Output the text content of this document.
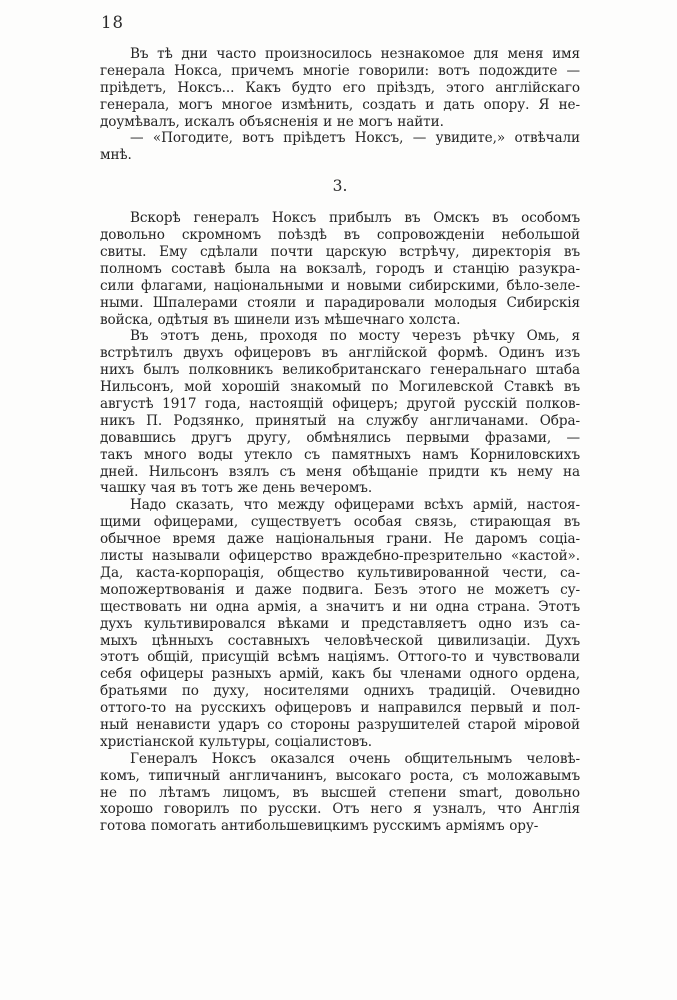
18

Въ тѣ дни часто произносилось незнакомое для меня имя
генерала Нокса, причемъ многіе говорили: вотъ подождите —
пріѣдетъ, Ноксъ... Какъ будто его пріѣздъ, этого англійскаго
генерала, могъ многое измѣнить, создать и дать опору. Я не-
доумѣвалъ, искалъ объясненія и не могъ найти.

— «Погодите, вотъ пріѣдетъ Ноксъ, — увидите,» отвѣчали
мнѣ.

3.

Вскорѣ генералъ Ноксъ прибылъ въ Омскъ въ особомъ
довольно скромномъ поѣздѣ въ сопровожденіи небольшой
свиты. Ему сдѣлали почти царскую встрѣчу, директорія въ
полномъ составѣ была на вокзалѣ, городъ и станцію разукра-
сили флагами, національными и новыми сибирскими, бѣло-зеле-
ными. Шпалерами стояли и парадировали молодыя Сибирскія
войска, одѣтыя въ шинели изъ мѣшечнаго холста.

Въ этотъ день, проходя по мосту черезъ рѣчку Омь, я
встрѣтилъ двухъ офицеровъ въ англійской формѣ. Одинъ изъ
нихъ былъ полковникъ великобританскаго генеральнаго штаба
Нильсонъ, мой хорошій знакомый по Могилевской Ставкѣ въ
августѣ 1917 года, настоящій офицеръ; другой русскій полков-
никъ П. Родзянко, принятый на службу англичанами. Обра-
довавшись другъ другу, обмѣнялись первыми фразами, —
такъ много воды утекло съ памятныхъ намъ Корниловскихъ
дней. Нильсонъ взялъ съ меня обѣщаніе придти къ нему на
чашку чая въ тотъ же день вечеромъ.

Надо сказать, что между офицерами всѣхъ армій, настоя-
щими офицерами, существуетъ особая связь, стирающая въ
обычное время даже національныя грани. Не даромъ соціа-
листы называли офицерство враждебно-презрительно «кастой».
Да, каста-корпорація, общество культивированной чести, са-
мопожертвованія и даже подвига. Безъ этого не можетъ су-
ществовать ни одна армія, а значитъ и ни одна страна. Этотъ
духъ культивировался вѣками и представляетъ одно изъ са-
мыхъ цѣнныхъ составныхъ человѣческой цивилизаціи. Духъ
этотъ общій, присущій всѣмъ націямъ. Оттого-то и чувствовали
себя офицеры разныхъ армій, какъ бы членами одного ордена,
братьями по духу, носителями однихъ традицій. Очевидно
оттого-то на русскихъ офицеровъ и направился первый и пол-
ный ненависти ударъ со стороны разрушителей старой міровой
христіанской культуры, соціалистовъ.

Генералъ Ноксъ оказался очень общительнымъ человѣ-
комъ, типичный англичанинъ, высокаго роста, съ моложавымъ
не по лѣтамъ лицомъ, въ высшей степени smart, довольно
хорошо говорилъ по русски. Отъ него я узналъ, что Англія
готова помогать антибольшевицкимъ русскимъ арміямъ ору-
